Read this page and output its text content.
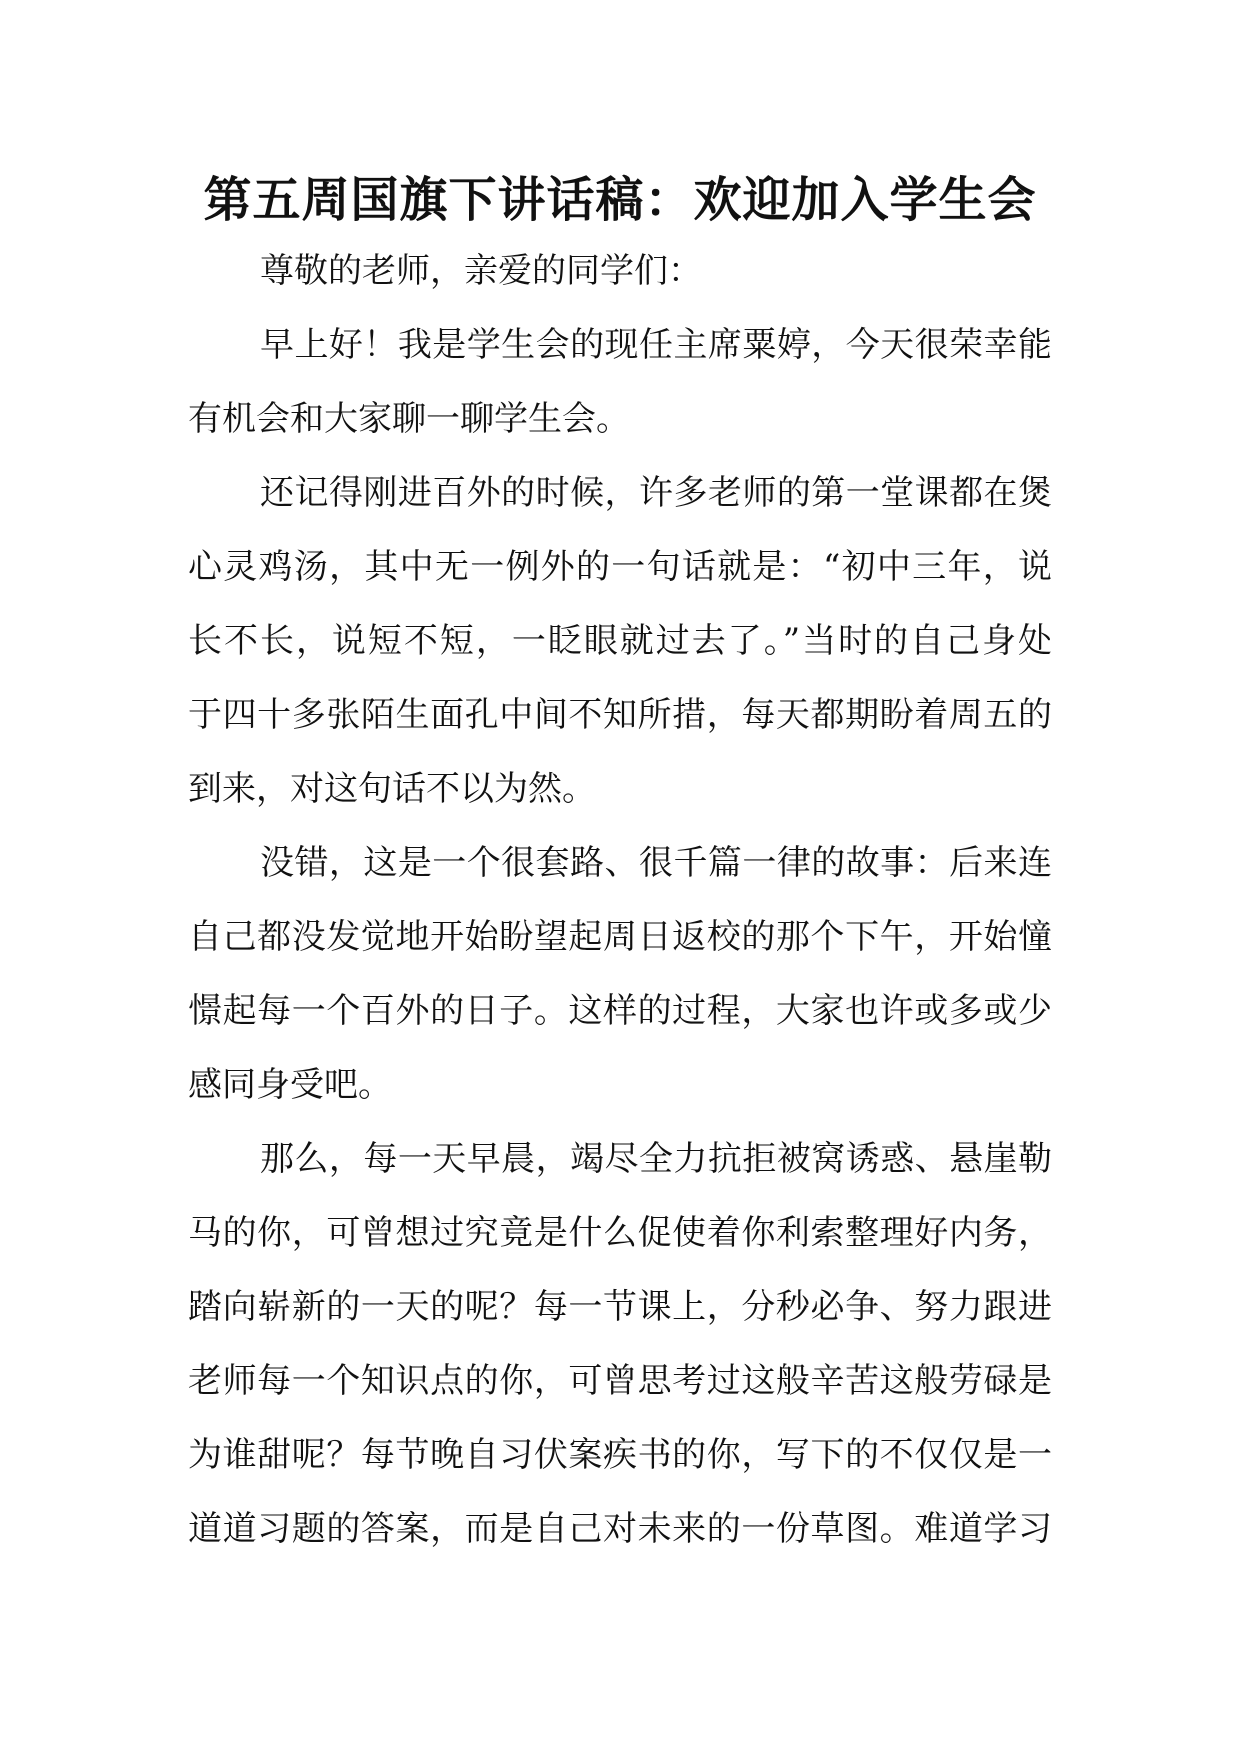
第五周国旗下讲话稿：欢迎加入学生会
尊敬的老师，亲爱的同学们：
早上好！我是学生会的现任主席粟婷，今天很荣幸能
有机会和大家聊一聊学生会。
还记得刚进百外的时候，许多老师的第一堂课都在煲
心灵鸡汤，其中无一例外的一句话就是：“初中三年，说
长不长，说短不短，一眨眼就过去了。”当时的自己身处
于四十多张陌生面孔中间不知所措，每天都期盼着周五的
到来，对这句话不以为然。
没错，这是一个很套路、很千篇一律的故事：后来连
自己都没发觉地开始盼望起周日返校的那个下午，开始憧
憬起每一个百外的日子。这样的过程，大家也许或多或少
感同身受吧。
那么，每一天早晨，竭尽全力抗拒被窝诱惑、悬崖勒
马的你，可曾想过究竟是什么促使着你利索整理好内务，
踏向崭新的一天的呢？每一节课上，分秒必争、努力跟进
老师每一个知识点的你，可曾思考过这般辛苦这般劳碌是
为谁甜呢？每节晚自习伏案疾书的你，写下的不仅仅是一
道道习题的答案，而是自己对未来的一份草图。难道学习
